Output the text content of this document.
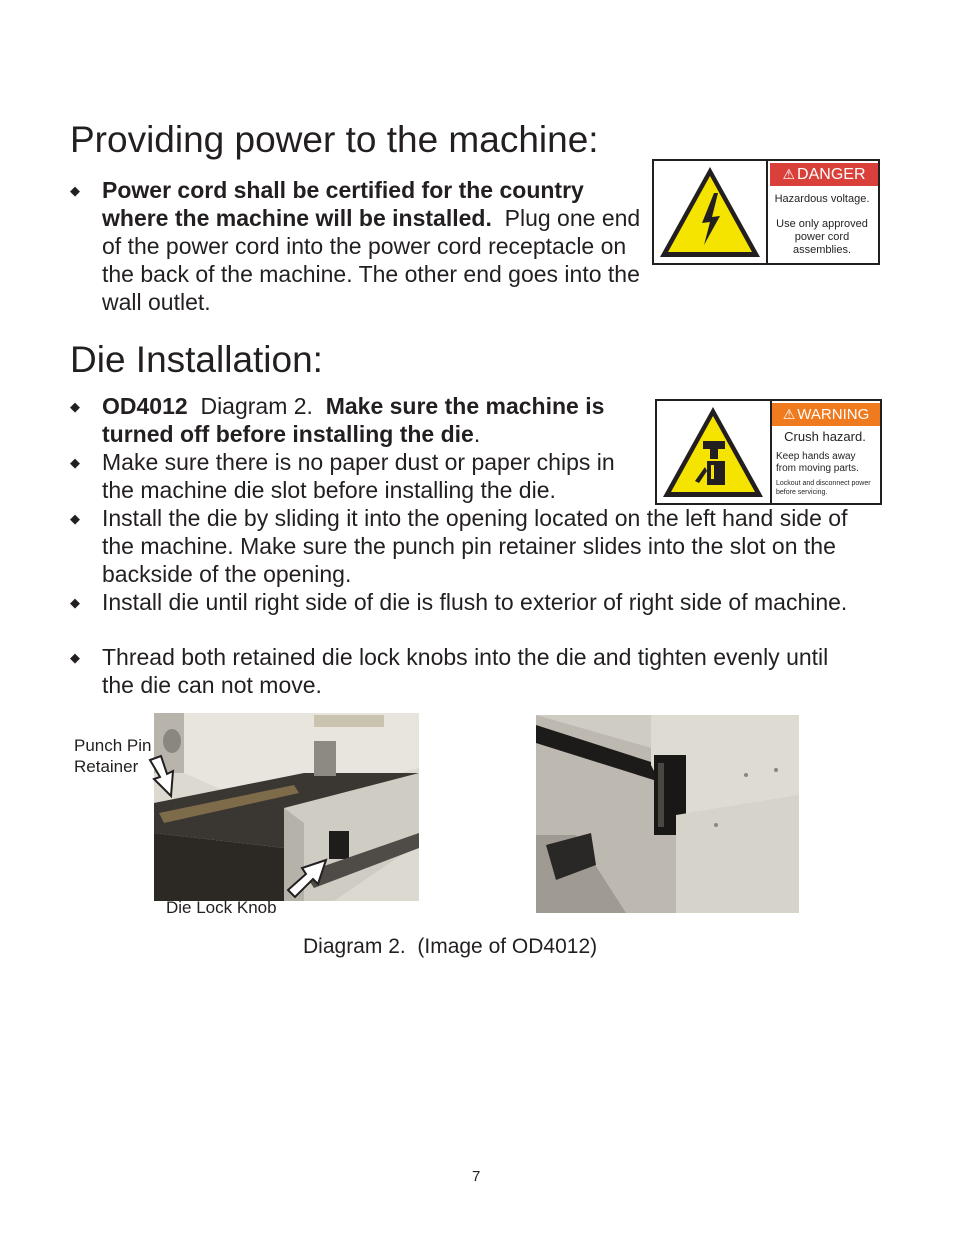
Providing power to the machine:
◆ Power cord shall be certified for the country where the machine will be installed. Plug one end of the power cord into the power cord receptacle on the back of the machine. The other end goes into the wall outlet.
⚠ DANGER
Hazardous voltage.
Use only approved power cord assemblies.
Die Installation:
◆ OD4012 Diagram 2. Make sure the machine is turned off before installing the die.
◆ Make sure there is no paper dust or paper chips in the machine die slot before installing the die.
◆ Install the die by sliding it into the opening located on the left hand side of the machine. Make sure the punch pin retainer slides into the slot on the backside of the opening.
◆ Install die until right side of die is flush to exterior of right side of machine.
◆ Thread both retained die lock knobs into the die and tighten evenly until the die can not move.
⚠ WARNING
Crush hazard.
Keep hands away from moving parts.
Lockout and disconnect power before servicing.
Punch Pin Retainer
Die Lock Knob
Diagram 2.  (Image of OD4012)
7
